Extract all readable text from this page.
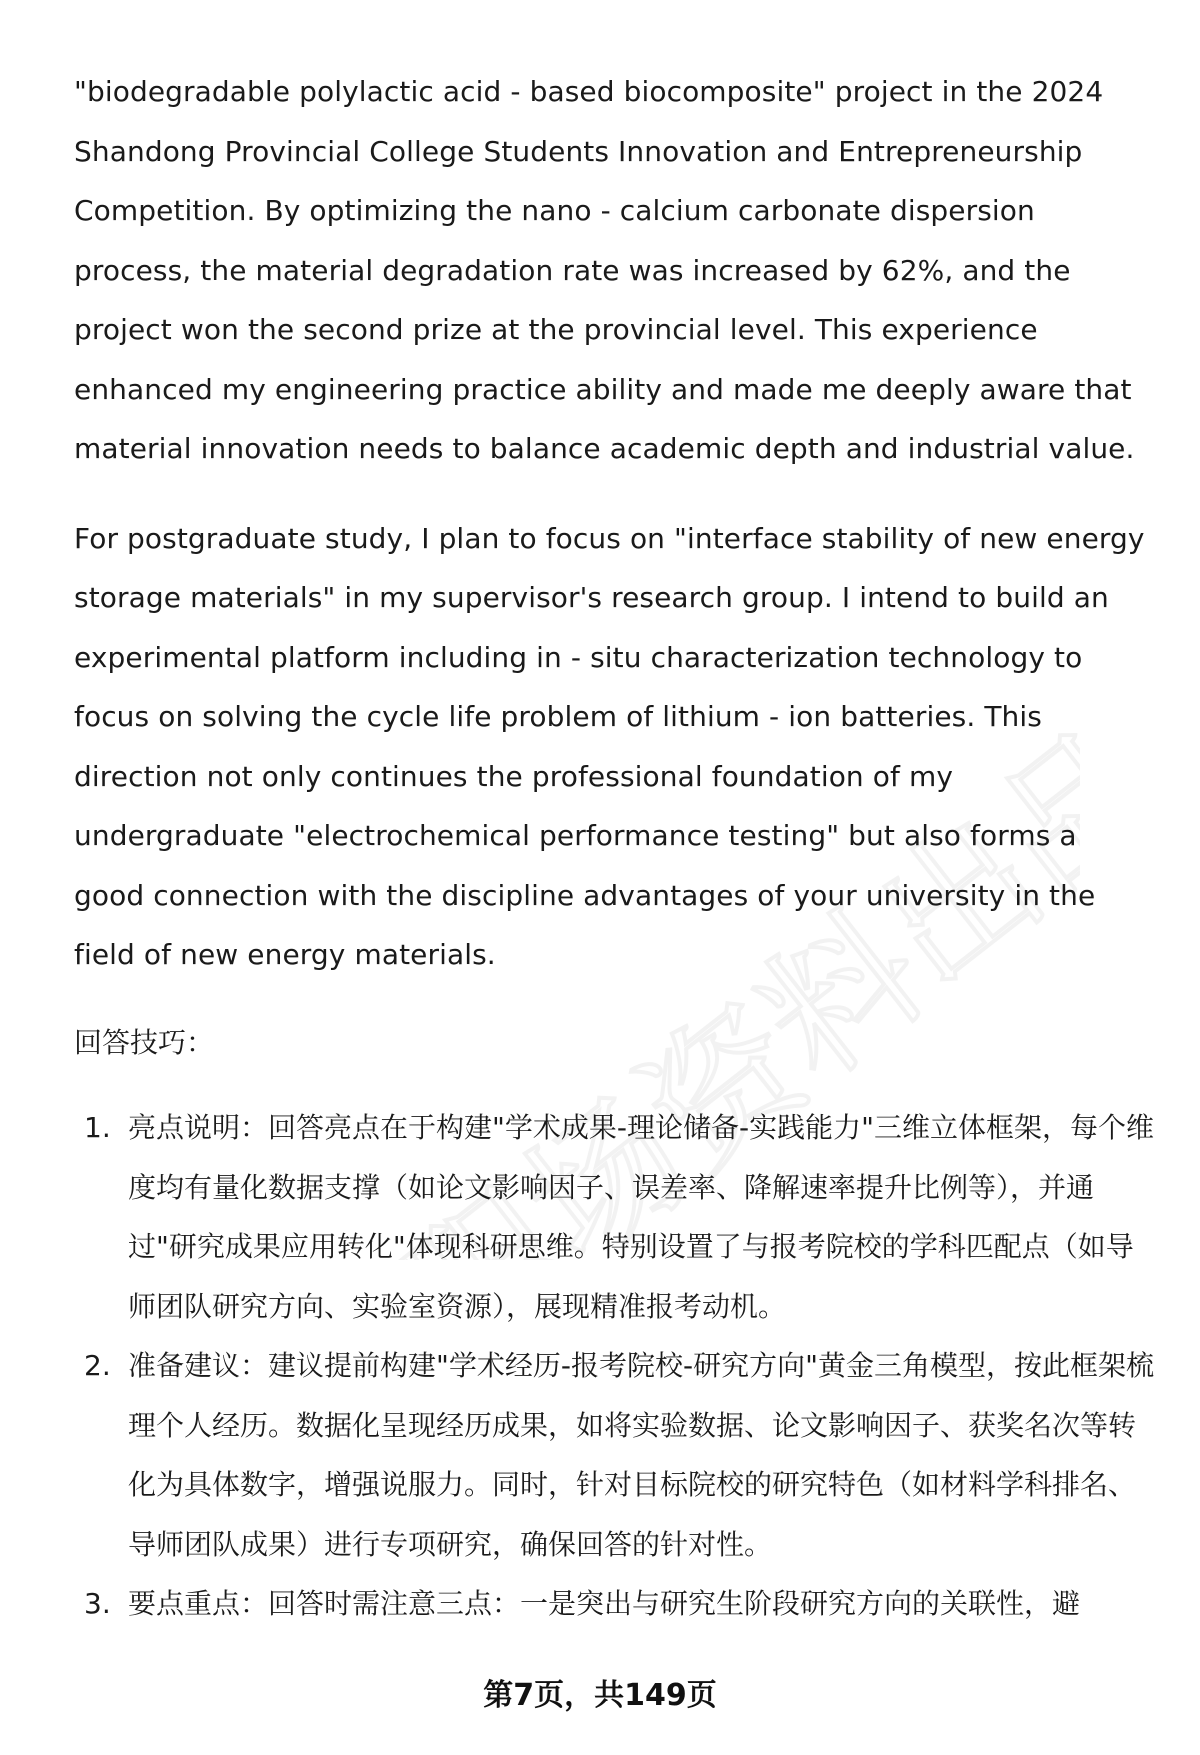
职场资料出品

"biodegradable polylactic acid - based biocomposite" project in the 2024 Shandong Provincial College Students Innovation and Entrepreneurship Competition. By optimizing the nano - calcium carbonate dispersion process, the material degradation rate was increased by 62%, and the project won the second prize at the provincial level. This experience enhanced my engineering practice ability and made me deeply aware that material innovation needs to balance academic depth and industrial value.

For postgraduate study, I plan to focus on "interface stability of new energy storage materials" in my supervisor's research group. I intend to build an experimental platform including in - situ characterization technology to focus on solving the cycle life problem of lithium - ion batteries. This direction not only continues the professional foundation of my undergraduate "electrochemical performance testing" but also forms a good connection with the discipline advantages of your university in the field of new energy materials.

回答技巧：
1. 亮点说明：回答亮点在于构建"学术成果-理论储备-实践能力"三维立体框架，每个维度均有量化数据支撑（如论文影响因子、误差率、降解速率提升比例等），并通过"研究成果应用转化"体现科研思维。特别设置了与报考院校的学科匹配点（如导师团队研究方向、实验室资源），展现精准报考动机。
2. 准备建议：建议提前构建"学术经历-报考院校-研究方向"黄金三角模型，按此框架梳理个人经历。数据化呈现经历成果，如将实验数据、论文影响因子、获奖名次等转化为具体数字，增强说服力。同时，针对目标院校的研究特色（如材料学科排名、导师团队成果）进行专项研究，确保回答的针对性。
3. 要点重点：回答时需注意三点：一是突出与研究生阶段研究方向的关联性，避
第7页，共149页
